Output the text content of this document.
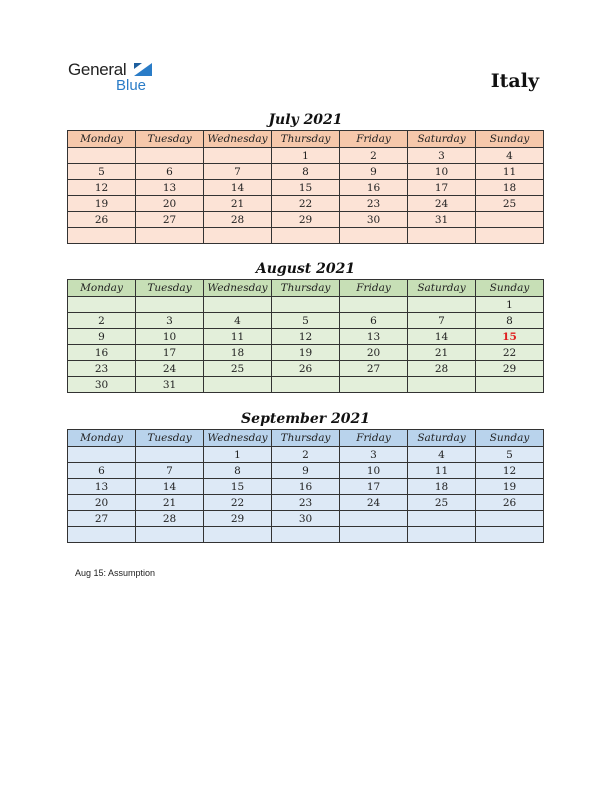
General
Blue	Italy
July 2021
Monday	Tuesday	Wednesday	Thursday	Friday	Saturday	Sunday
			1	2	3	4
5	6	7	8	9	10	11
12	13	14	15	16	17	18
19	20	21	22	23	24	25
26	27	28	29	30	31	

August 2021
Monday	Tuesday	Wednesday	Thursday	Friday	Saturday	Sunday
						1
2	3	4	5	6	7	8
9	10	11	12	13	14	15
16	17	18	19	20	21	22
23	24	25	26	27	28	29
30	31					
September 2021
Monday	Tuesday	Wednesday	Thursday	Friday	Saturday	Sunday
		1	2	3	4	5
6	7	8	9	10	11	12
13	14	15	16	17	18	19
20	21	22	23	24	25	26
27	28	29	30			

Aug 15: Assumption
